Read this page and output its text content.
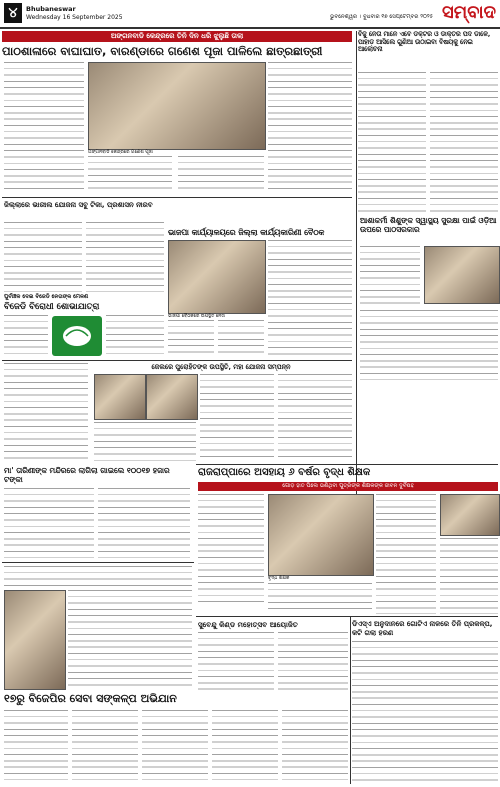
୪	Bhubaneswar
Wednesday 16 September 2025	ଭୁବନେଶ୍ୱର । ବୁଧବାର ୧୭ ସେପ୍ଟେମ୍ବର ୨୦୨୫ ସମ୍ବାଦ
ଅଙ୍ଗନବାଡି କେନ୍ଦ୍ରରେ ତିନି ଦିନ ଧରି ଝୁଲୁଛି ତାଲା
ପାଠଶାଳାରେ ବାଘାଘାତ, ବାରଣ୍ଡାରେ ଗଣେଶ ପୂଜା ପାଳିଲେ ଛାତ୍ରଛାତ୍ରୀ
ଅଙ୍ଗନବାଡି କେନ୍ଦ୍ରରେ ଗଣେଶ ପୂଜା
ବିଜୁ ନେତା ମାନେ ଏବେ ଡକ୍ଟର ଓ ଡାକ୍ତର ପଦ ଡାଳେ, ପାହାଡ଼ ଆସିଲେ ଗୁଣିଆ ଉଠାଇବା ବିଷୟକୁ ନେଇ ଆଲୋଚନା
ଜିଲ୍ଲାରେ ଭାରୀଲ ଯୋଜନା ସବୁ ଟିକା, ପ୍ରଶାସନ ନୀରବ
ଭାଜପା କାର୍ଯ୍ୟାଳୟରେ ଜିଲ୍ଲା କାର୍ଯ୍ୟକାରିଣୀ ବୈଠକ
ଭାଜପା ବୈଠକରେ ଉପସ୍ଥିତ ନେତା
ପୁର୍ବାଞ୍ଚଳ ଦେଇ ବିଜେଡି ନେତାଙ୍କ ମେଳଣ
ବିଜେଡି ବିରୋଧୀ ଶୋଭାଯାତ୍ରା
ଜେଲରେ ପୁରୋହିତଙ୍କ ଉପସ୍ଥିତି, ମହା ଯୋଜନା ସମ୍ପନ୍ନ
ମା' ତାରିଣୀଙ୍କ ମନ୍ଦିରରେ ଲାଗିଲା ଗାଇଲେ ୧୦୦୧୭ ହଜାର ଟଙ୍କା
ଆଶାକର୍ମୀ ଶିଶୁଙ୍କ ସ୍ୱାସ୍ଥ୍ୟ ସୁରକ୍ଷା ପାଇଁ ଓଡ଼ିଆ ଉପରେ ପାଠସରକାର
ରାଜରାପ୍ପାରେ ଅସହାୟ ୬ ବର୍ଷର ବୃଦ୍ଧ ଶିକ୍ଷକ
ଗୋଡ଼ ହାତ ପିଲେ ଭଣିଥିବା ପୁତ୍ରିଙ୍କ ଶିକ୍ଷକଙ୍କ ଜୀବନ ଦୁର୍ବିଷହ
ବୃଦ୍ଧ ଶିକ୍ଷକ
ସୁବେନ୍ଦୁ କିଣ୍ଡ ମହୋତ୍ସବ ଆୟୋଜିତ	ଡିଏସ୍‌ଏ ଅନୁଦାନରେ ଗୋଟିଏ ନାଳରେ ତିନି ପ୍ରକଳ୍ପ, କଟି ଗଲା ହରଣ
୧୭ରୁ ବିଜେପିର ସେବା ସଙ୍କଳ୍ପ ଅଭିଯାନ
